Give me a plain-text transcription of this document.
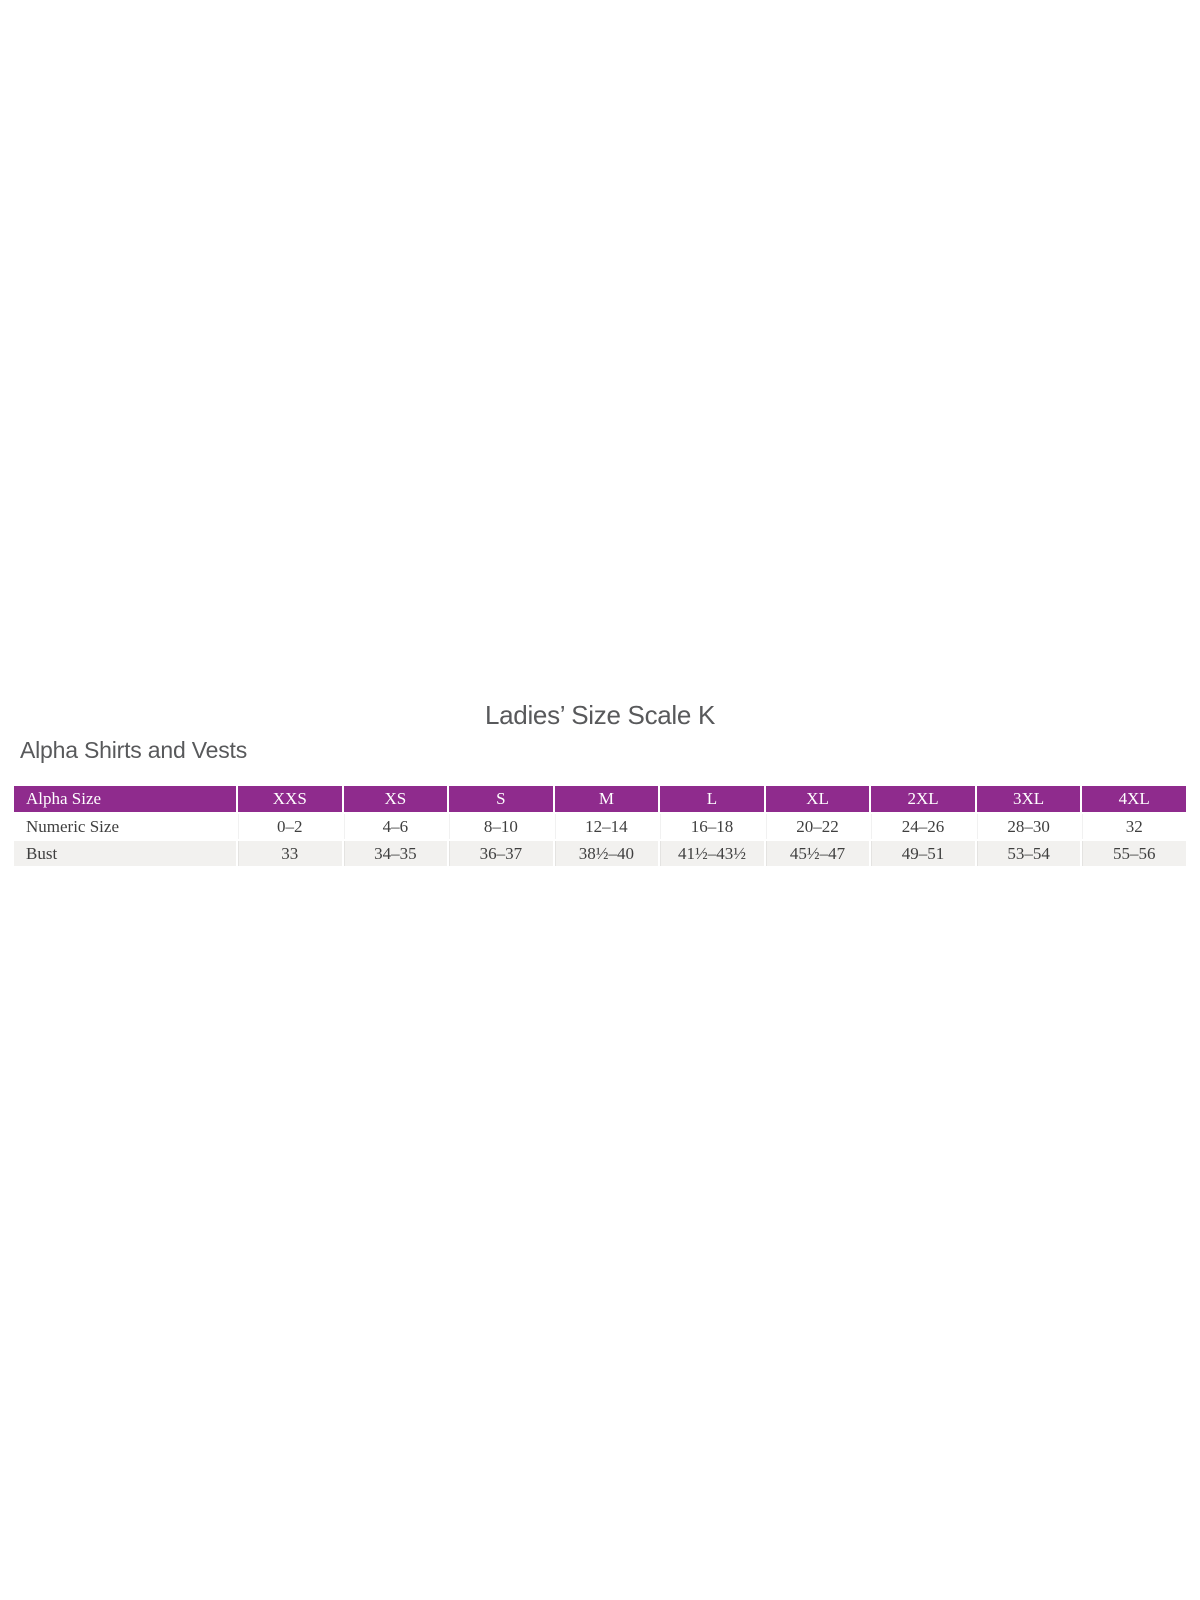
Ladies’ Size Scale K
Alpha Shirts and Vests
Alpha Size	XXS	XS	S	M	L	XL	2XL	3XL	4XL
Numeric Size	0–2	4–6	8–10	12–14	16–18	20–22	24–26	28–30	32
Bust	33	34–35	36–37	38½–40	41½–43½	45½–47	49–51	53–54	55–56
